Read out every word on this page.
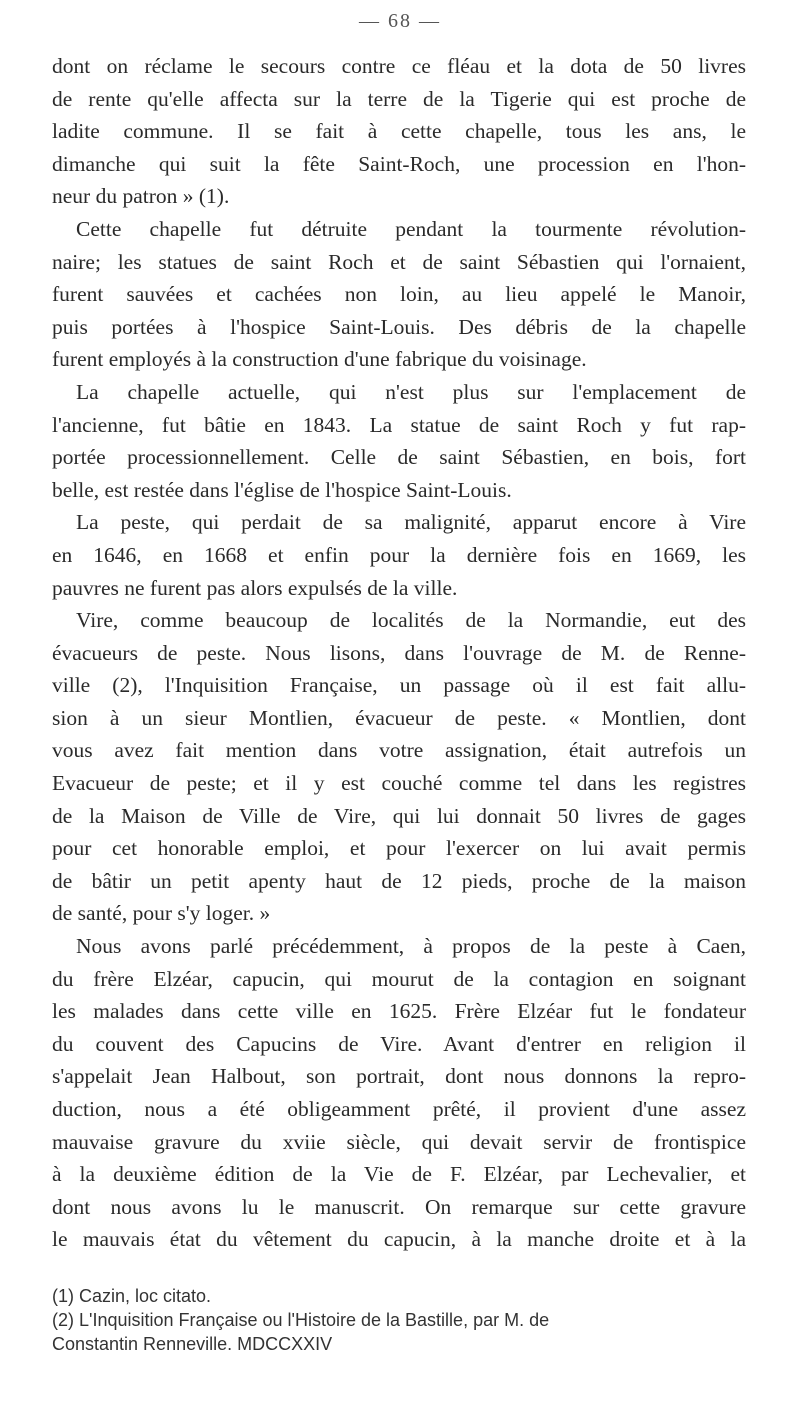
— 68 —
dont on réclame le secours contre ce fléau et la dota de 50 livres
de rente qu'elle affecta sur la terre de la Tigerie qui est proche de
ladite commune. Il se fait à cette chapelle, tous les ans, le
dimanche qui suit la fête Saint-Roch, une procession en l'hon-
neur du patron » (1).
Cette chapelle fut détruite pendant la tourmente révolution-
naire; les statues de saint Roch et de saint Sébastien qui l'ornaient,
furent sauvées et cachées non loin, au lieu appelé le Manoir,
puis portées à l'hospice Saint-Louis. Des débris de la chapelle
furent employés à la construction d'une fabrique du voisinage.
La chapelle actuelle, qui n'est plus sur l'emplacement de
l'ancienne, fut bâtie en 1843. La statue de saint Roch y fut rap-
portée processionnellement. Celle de saint Sébastien, en bois, fort
belle, est restée dans l'église de l'hospice Saint-Louis.
La peste, qui perdait de sa malignité, apparut encore à Vire
en 1646, en 1668 et enfin pour la dernière fois en 1669, les
pauvres ne furent pas alors expulsés de la ville.
Vire, comme beaucoup de localités de la Normandie, eut des
évacueurs de peste. Nous lisons, dans l'ouvrage de M. de Renne-
ville (2), l'Inquisition Française, un passage où il est fait allu-
sion à un sieur Montlien, évacueur de peste. « Montlien, dont
vous avez fait mention dans votre assignation, était autrefois un
Evacueur de peste; et il y est couché comme tel dans les registres
de la Maison de Ville de Vire, qui lui donnait 50 livres de gages
pour cet honorable emploi, et pour l'exercer on lui avait permis
de bâtir un petit apenty haut de 12 pieds, proche de la maison
de santé, pour s'y loger. »
Nous avons parlé précédemment, à propos de la peste à Caen,
du frère Elzéar, capucin, qui mourut de la contagion en soignant
les malades dans cette ville en 1625. Frère Elzéar fut le fondateur
du couvent des Capucins de Vire. Avant d'entrer en religion il
s'appelait Jean Halbout, son portrait, dont nous donnons la repro-
duction, nous a été obligeamment prêté, il provient d'une assez
mauvaise gravure du xviie siècle, qui devait servir de frontispice
à la deuxième édition de la Vie de F. Elzéar, par Lechevalier, et
dont nous avons lu le manuscrit. On remarque sur cette gravure
le mauvais état du vêtement du capucin, à la manche droite et à la
(1) Cazin, loc citato.
(2) L'Inquisition Française ou l'Histoire de la Bastille, par M. de
Constantin Renneville. MDCCXXIV
